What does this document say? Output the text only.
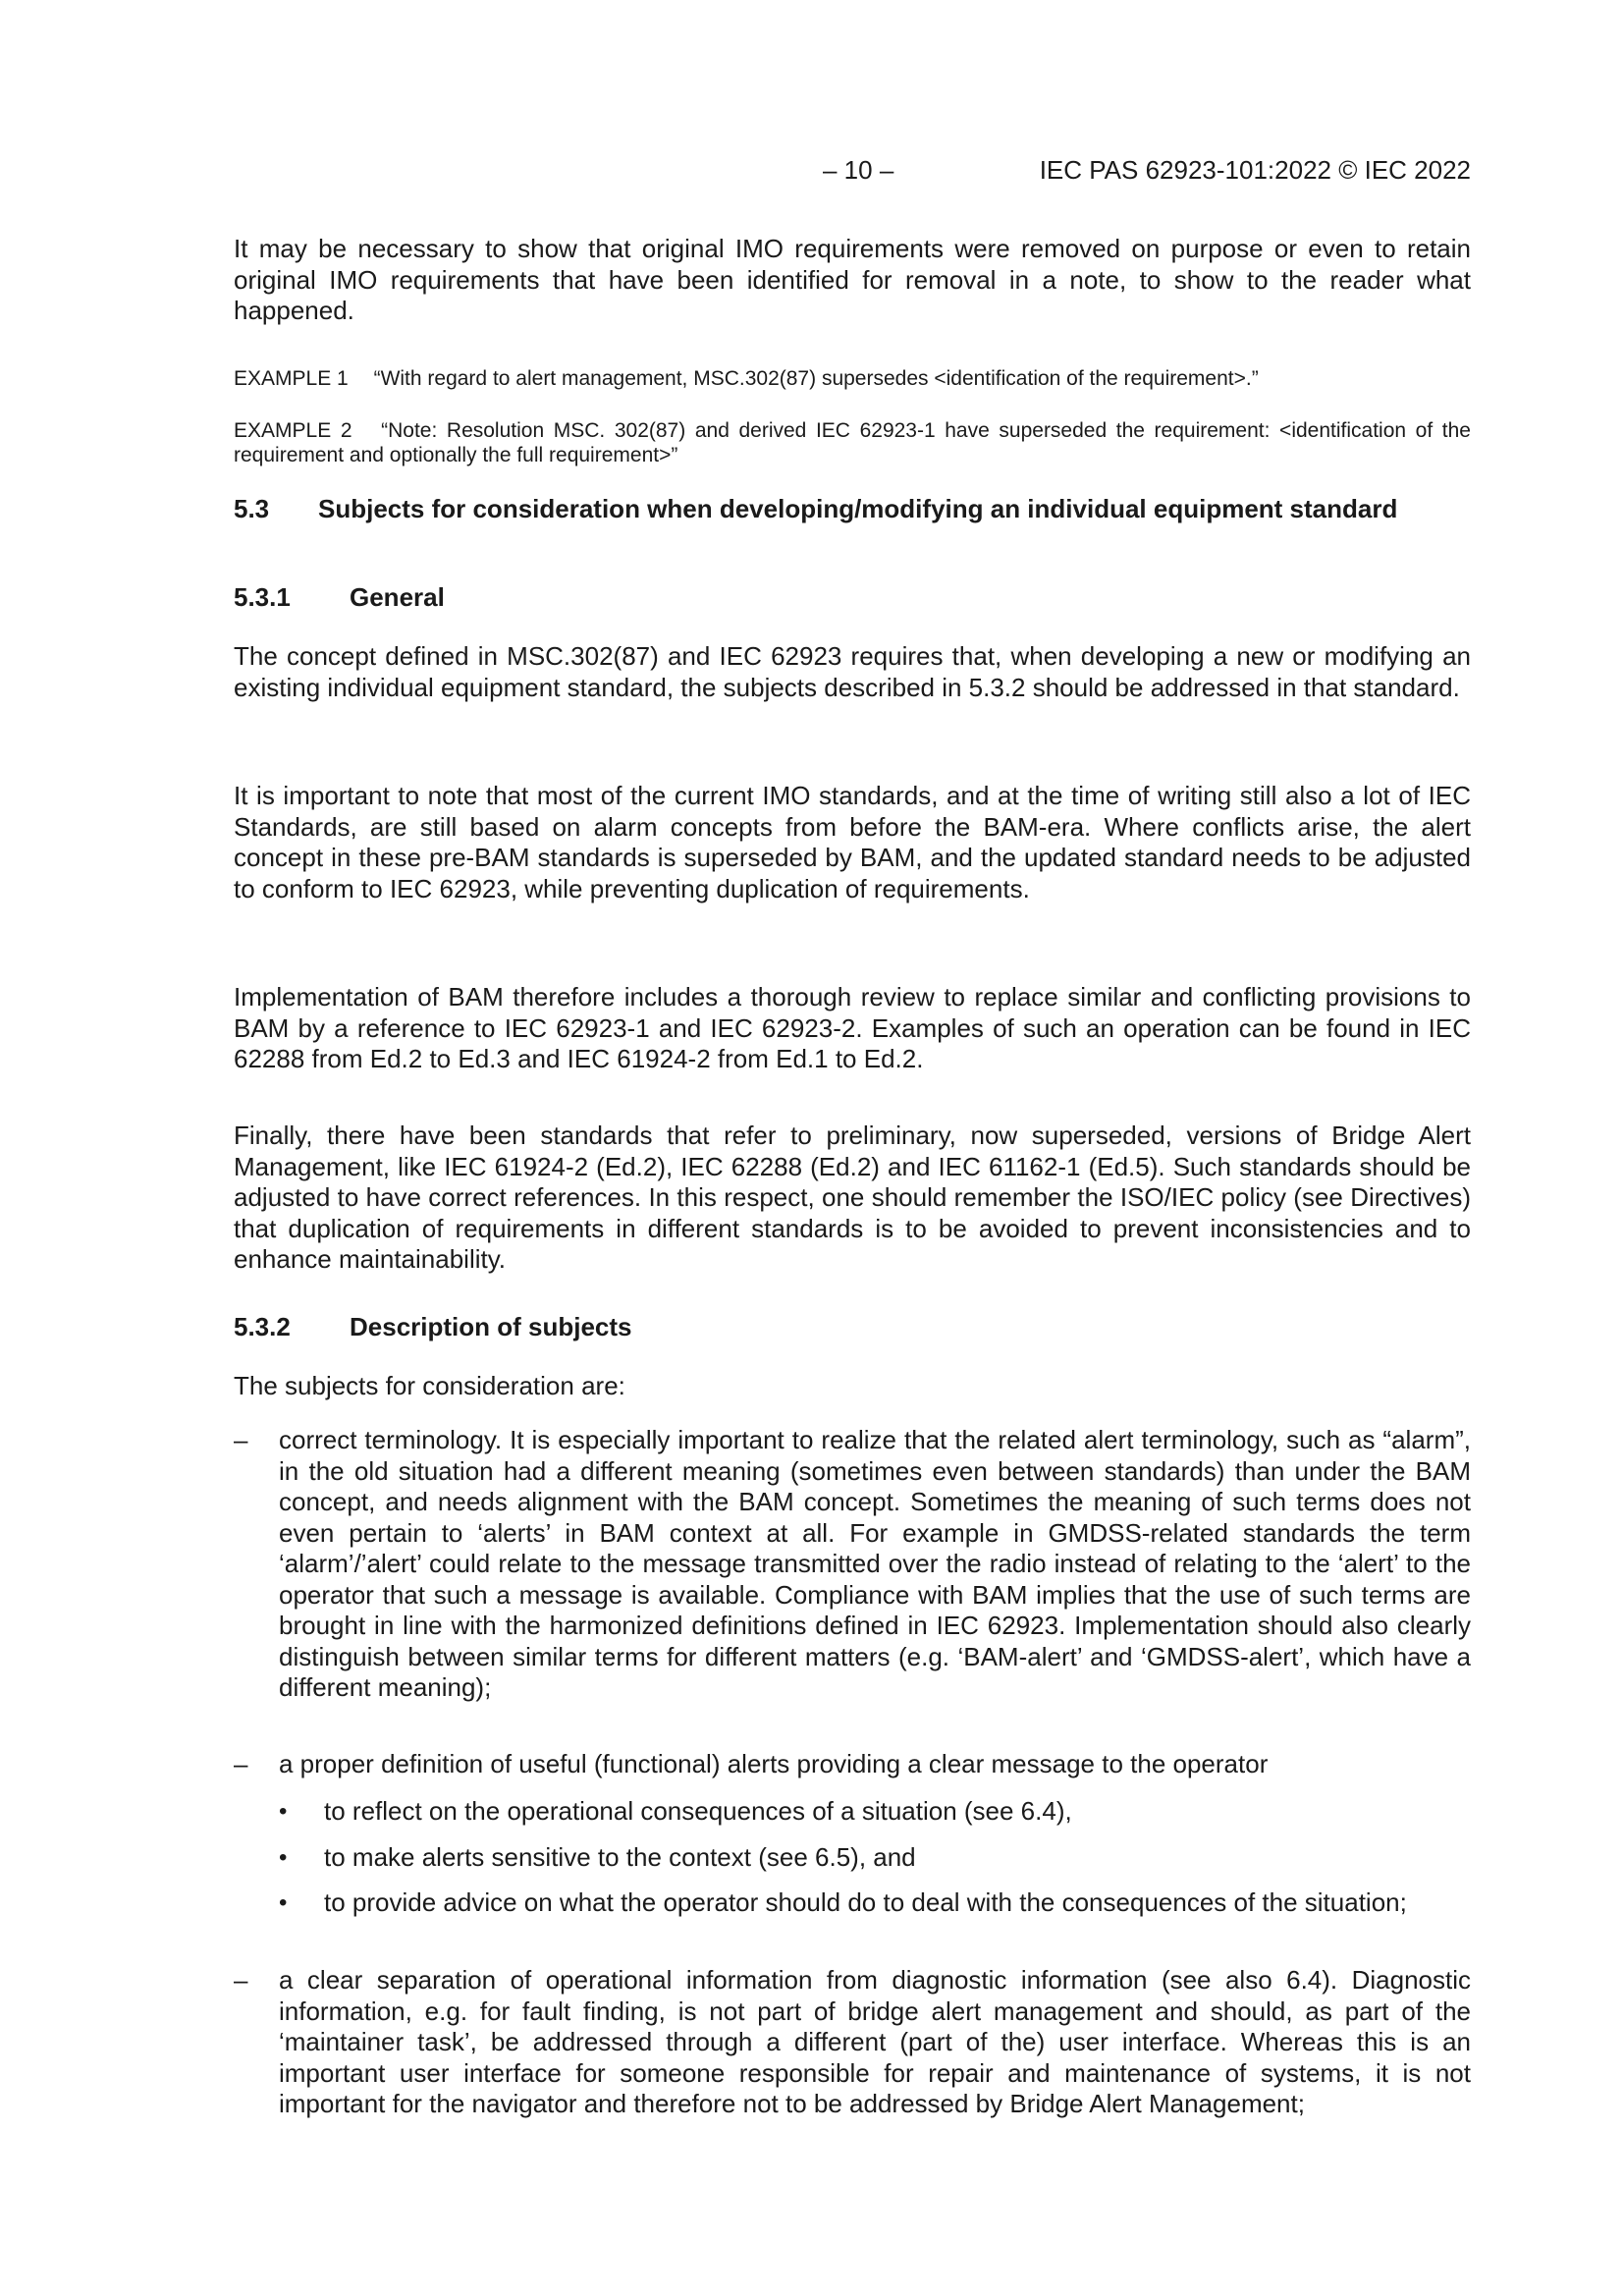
– 10 –	IEC PAS 62923-101:2022 © IEC 2022

It may be necessary to show that original IMO requirements were removed on purpose or even to retain original IMO requirements that have been identified for removal in a note, to show to the reader what happened.

EXAMPLE 1 “With regard to alert management, MSC.302(87) supersedes <identification of the requirement>.”

EXAMPLE 2 “Note: Resolution MSC. 302(87) and derived IEC 62923-1 have superseded the requirement: <identification of the requirement and optionally the full requirement>”

5.3	Subjects for consideration when developing/modifying an individual equipment standard
5.3.1	General

The concept defined in MSC.302(87) and IEC 62923 requires that, when developing a new or modifying an existing individual equipment standard, the subjects described in 5.3.2 should be addressed in that standard.

It is important to note that most of the current IMO standards, and at the time of writing still also a lot of IEC Standards, are still based on alarm concepts from before the BAM-era. Where conflicts arise, the alert concept in these pre-BAM standards is superseded by BAM, and the updated standard needs to be adjusted to conform to IEC 62923, while preventing duplication of requirements.

Implementation of BAM therefore includes a thorough review to replace similar and conflicting provisions to BAM by a reference to IEC 62923-1 and IEC 62923-2. Examples of such an operation can be found in IEC 62288 from Ed.2 to Ed.3 and IEC 61924-2 from Ed.1 to Ed.2.

Finally, there have been standards that refer to preliminary, now superseded, versions of Bridge Alert Management, like IEC 61924-2 (Ed.2), IEC 62288 (Ed.2) and IEC 61162-1 (Ed.5). Such standards should be adjusted to have correct references. In this respect, one should remember the ISO/IEC policy (see Directives) that duplication of requirements in different standards is to be avoided to prevent inconsistencies and to enhance maintainability.

5.3.2	Description of subjects

The subjects for consideration are:

– correct terminology. It is especially important to realize that the related alert terminology, such as “alarm”, in the old situation had a different meaning (sometimes even between standards) than under the BAM concept, and needs alignment with the BAM concept. Sometimes the meaning of such terms does not even pertain to ‘alerts’ in BAM context at all. For example in GMDSS-related standards the term ‘alarm’/’alert’ could relate to the message transmitted over the radio instead of relating to the ‘alert’ to the operator that such a message is available. Compliance with BAM implies that the use of such terms are brought in line with the harmonized definitions defined in IEC 62923. Implementation should also clearly distinguish between similar terms for different matters (e.g. ‘BAM-alert’ and ‘GMDSS-alert’, which have a different meaning);

– a proper definition of useful (functional) alerts providing a clear message to the operator

• to reflect on the operational consequences of a situation (see 6.4),

• to make alerts sensitive to the context (see 6.5), and

• to provide advice on what the operator should do to deal with the consequences of the situation;

– a clear separation of operational information from diagnostic information (see also 6.4). Diagnostic information, e.g. for fault finding, is not part of bridge alert management and should, as part of the ‘maintainer task’, be addressed through a different (part of the) user interface. Whereas this is an important user interface for someone responsible for repair and maintenance of systems, it is not important for the navigator and therefore not to be addressed by Bridge Alert Management;
